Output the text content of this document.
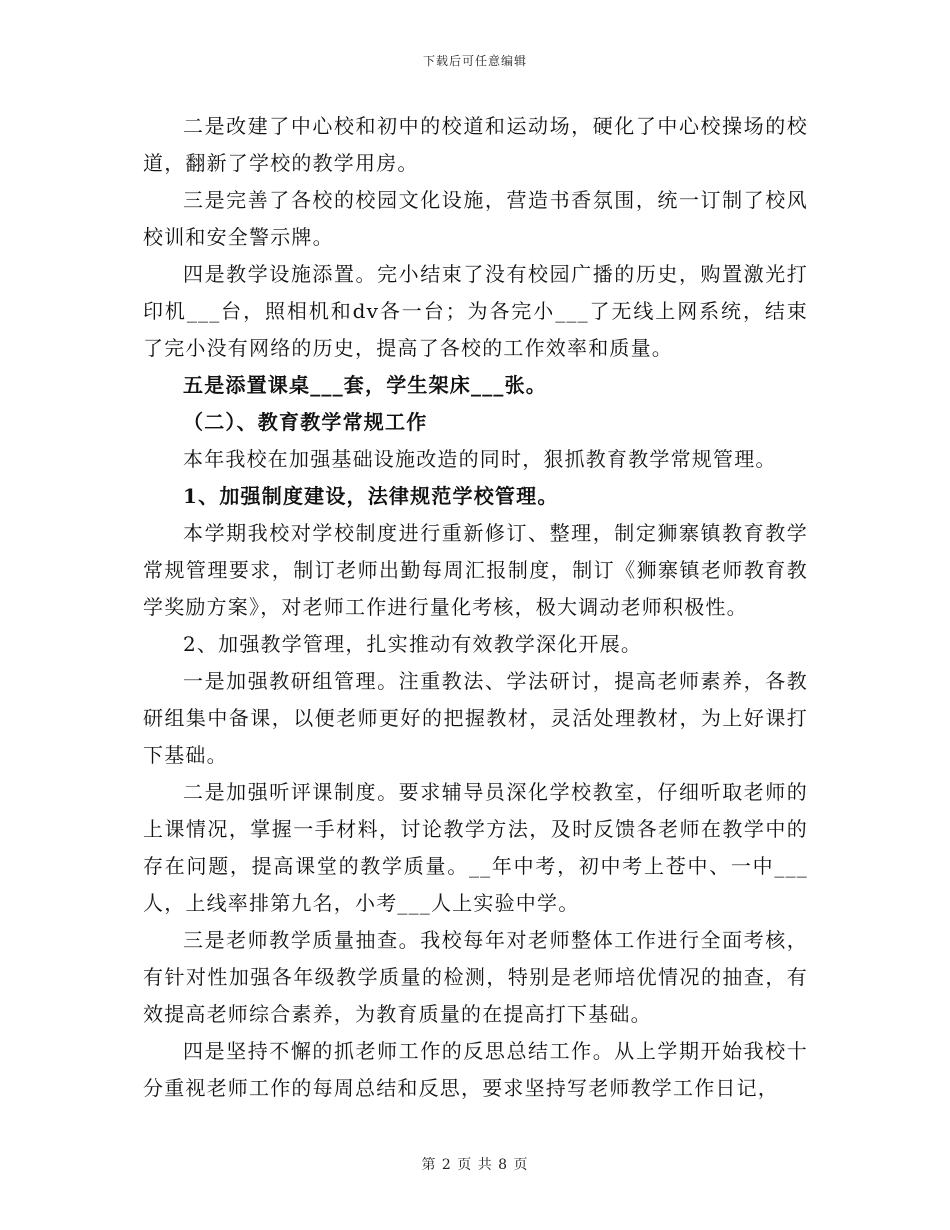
下载后可任意编辑

二是改建了中心校和初中的校道和运动场，硬化了中心校操场的校道，翻新了学校的教学用房。

三是完善了各校的校园文化设施，营造书香氛围，统一订制了校风校训和安全警示牌。

四是教学设施添置。完小结束了没有校园广播的历史，购置激光打印机___台，照相机和dv各一台；为各完小___了无线上网系统，结束了完小没有网络的历史，提高了各校的工作效率和质量。

五是添置课桌___套，学生架床___张。

（二）、教育教学常规工作

本年我校在加强基础设施改造的同时，狠抓教育教学常规管理。

1、加强制度建设，法律规范学校管理。

本学期我校对学校制度进行重新修订、整理，制定狮寨镇教育教学常规管理要求，制订老师出勤每周汇报制度，制订《狮寨镇老师教育教学奖励方案》，对老师工作进行量化考核，极大调动老师积极性。

2、加强教学管理，扎实推动有效教学深化开展。

一是加强教研组管理。注重教法、学法研讨，提高老师素养，各教研组集中备课，以便老师更好的把握教材，灵活处理教材，为上好课打下基础。

二是加强听评课制度。要求辅导员深化学校教室，仔细听取老师的上课情况，掌握一手材料，讨论教学方法，及时反馈各老师在教学中的存在问题，提高课堂的教学质量。__年中考，初中考上苍中、一中___人，上线率排第九名，小考___人上实验中学。

三是老师教学质量抽查。我校每年对老师整体工作进行全面考核，有针对性加强各年级教学质量的检测，特别是老师培优情况的抽查，有效提高老师综合素养，为教育质量的在提高打下基础。

四是坚持不懈的抓老师工作的反思总结工作。从上学期开始我校十分重视老师工作的每周总结和反思，要求坚持写老师教学工作日记，

第 2 页 共 8 页
